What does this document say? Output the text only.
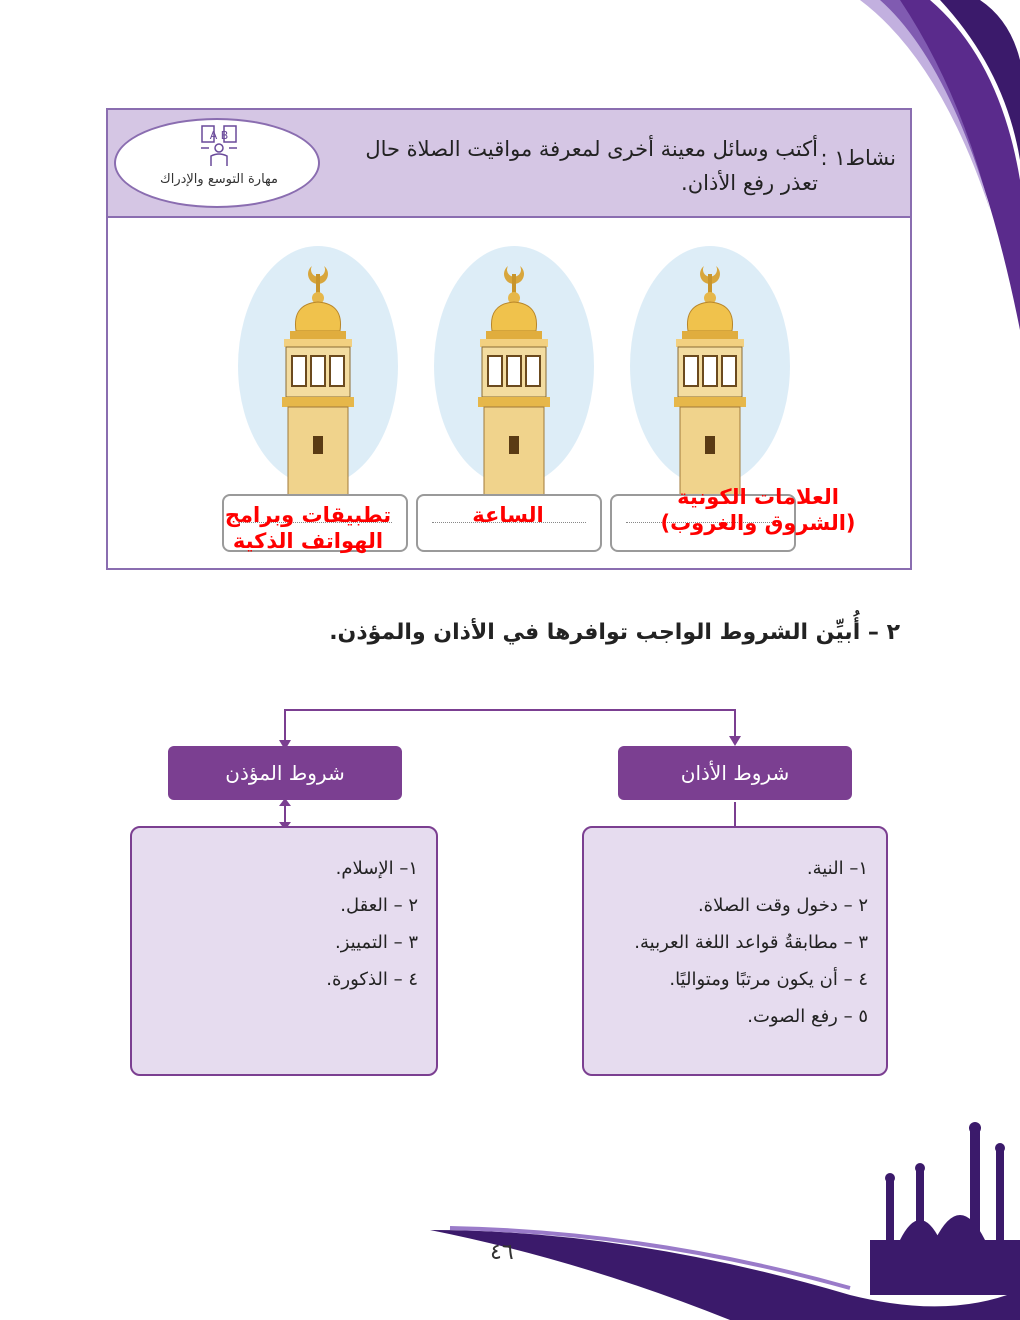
نشاط١ :
أكتب وسائل معينة أخرى لمعرفة مواقيت الصلاة حال تعذر رفع الأذان.
A B
مهارة التوسع والإدراك
العلامات الكونية
(الشروق والغروب)
الساعة
تطبيقات وبرامج
الهواتف الذكية
٢ – أُبيِّن الشروط الواجب توافرها في الأذان والمؤذن.
شروط الأذان
شروط المؤذن
١– النية.
٢ – دخول وقت الصلاة.
٣ – مطابقةُ قواعد اللغة العربية.
٤ – أن يكون مرتبًا ومتواليًا.
٥ – رفع الصوت.
١– الإسلام.
٢ – العقل.
٣ – التمييز.
٤ – الذكورة.
٤٦
